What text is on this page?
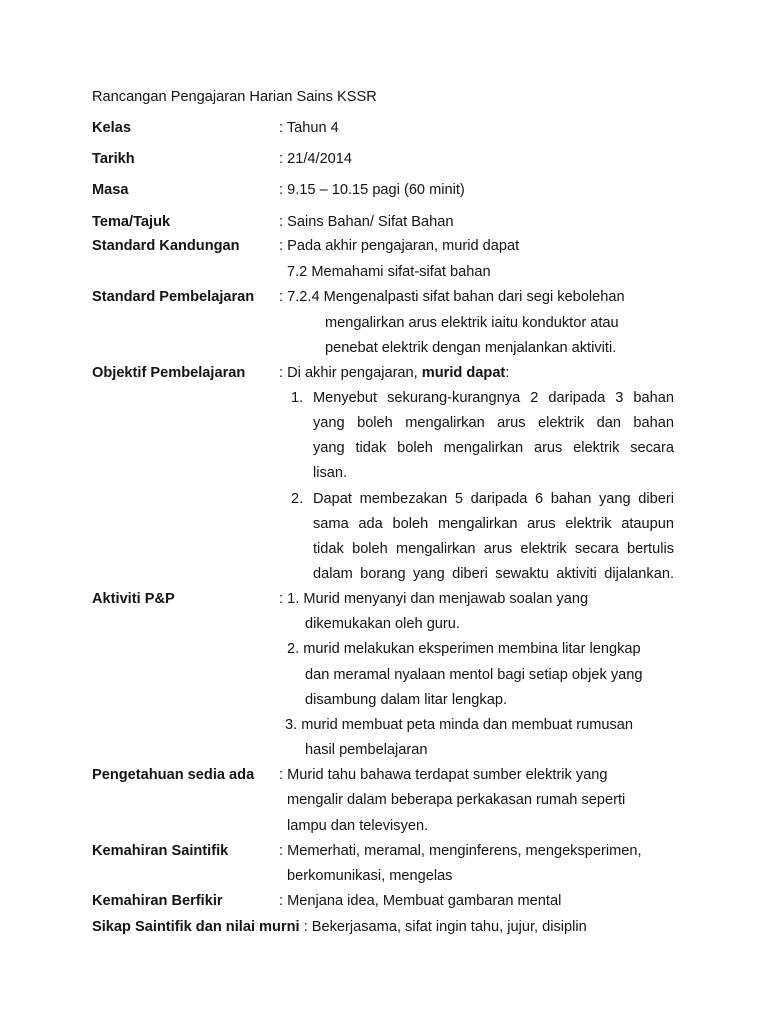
Rancangan Pengajaran Harian Sains KSSR
Kelas	: Tahun 4
Tarikh	: 21/4/2014
Masa	: 9.15 – 10.15 pagi (60 minit)
Tema/Tajuk	: Sains Bahan/ Sifat Bahan
Standard Kandungan	: Pada akhir pengajaran, murid dapat
7.2 Memahami sifat-sifat bahan
Standard Pembelajaran : 7.2.4 Mengenalpasti sifat bahan dari segi kebolehan
mengalirkan arus elektrik iaitu konduktor atau
penebat elektrik dengan menjalankan aktiviti.
Objektif Pembelajaran : Di akhir pengajaran, murid dapat:
1. Menyebut sekurang-kurangnya 2 daripada 3 bahan
yang boleh mengalirkan arus elektrik dan bahan
yang tidak boleh mengalirkan arus elektrik secara
lisan.
2. Dapat membezakan 5 daripada 6 bahan yang diberi
sama ada boleh mengalirkan arus elektrik ataupun
tidak boleh mengalirkan arus elektrik secara bertulis
dalam borang yang diberi sewaktu aktiviti dijalankan.
Aktiviti P&P	: 1. Murid menyanyi dan menjawab soalan yang
dikemukakan oleh guru.
2. murid melakukan eksperimen membina litar lengkap
dan meramal nyalaan mentol bagi setiap objek yang
disambung dalam litar lengkap.
3. murid membuat peta minda dan membuat rumusan
hasil pembelajaran
Pengetahuan sedia ada : Murid tahu bahawa terdapat sumber elektrik yang
mengalir dalam beberapa perkakasan rumah seperti
lampu dan televisyen.
Kemahiran Saintifik	: Memerhati, meramal, menginferens, mengeksperimen,
berkomunikasi, mengelas
Kemahiran Berfikir	: Menjana idea, Membuat gambaran mental
Sikap Saintifik dan nilai murni : Bekerjasama, sifat ingin tahu, jujur, disiplin
